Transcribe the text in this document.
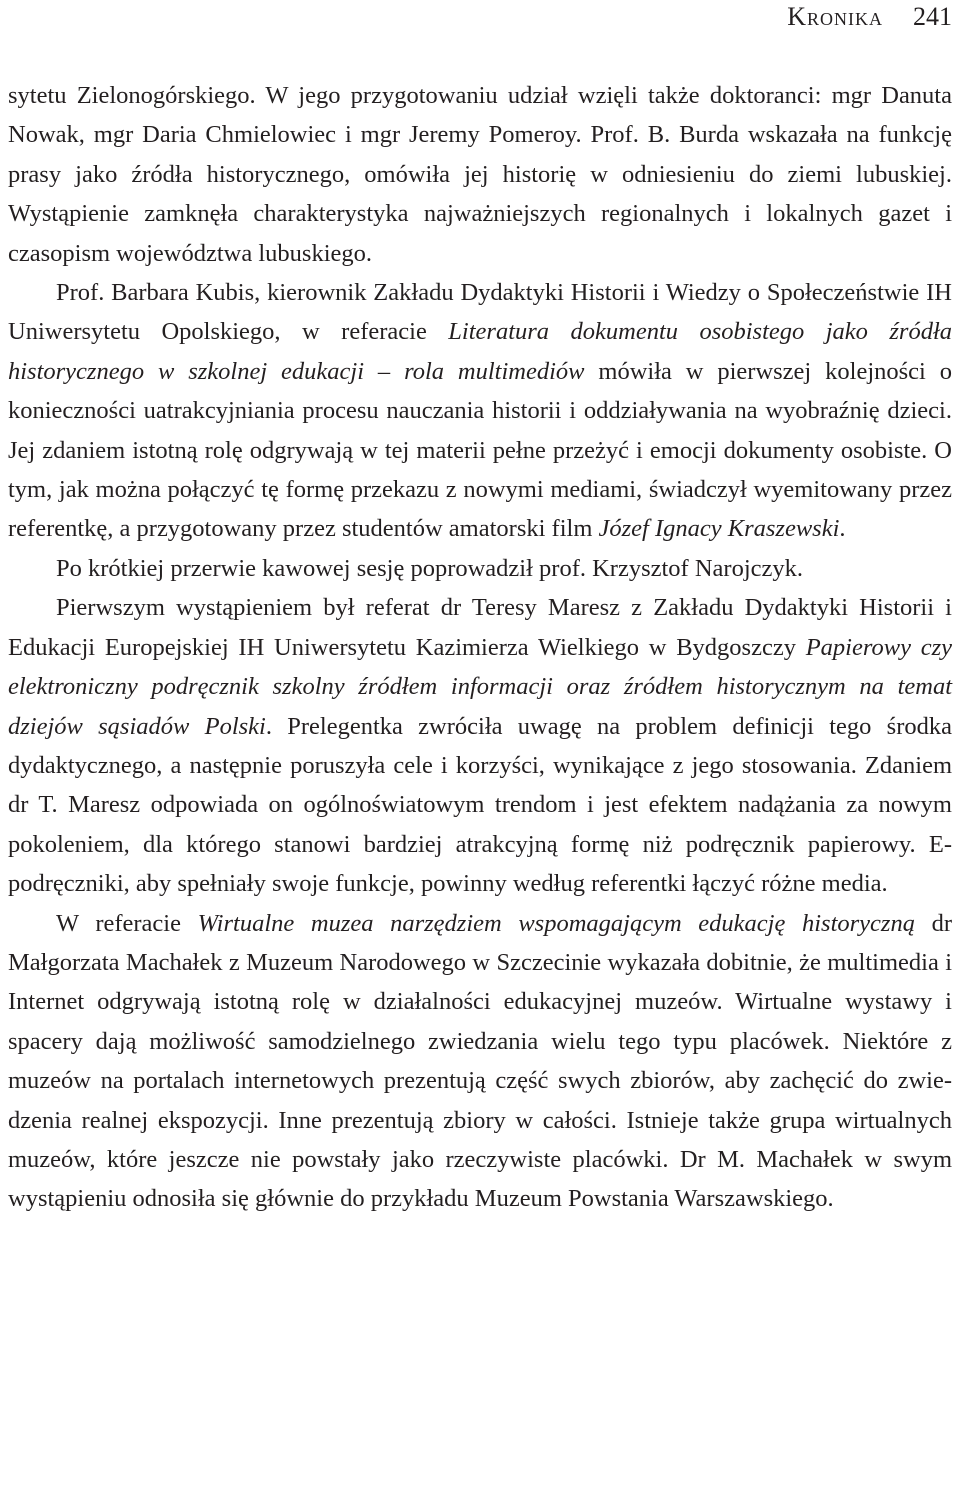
Kronika 241

sytetu Zielonogórskiego. W jego przygotowaniu udział wzięli także doktoranci: mgr Danuta Nowak, mgr Daria Chmielowiec i mgr Jeremy Pomeroy. Prof. B. Burda wskazała na funkcję prasy jako źródła historycznego, omówiła jej historię w odniesieniu do ziemi lubuskiej. Wystąpienie zamknęła charakterystyka najważniejszych regionalnych i lokalnych gazet i czasopism województwa lubuskiego.

Prof. Barbara Kubis, kierownik Zakładu Dydaktyki Historii i Wiedzy o Społeczeństwie IH Uniwersytetu Opolskiego, w referacie Literatura dokumentu osobistego jako źródła historycznego w szkolnej edukacji – rola multimediów mówiła w pierwszej kolejności o konieczności uatrakcyjniania procesu nauczania historii i oddziaływania na wyobraźnię dzieci. Jej zdaniem istotną rolę odgrywają w tej materii pełne przeżyć i emocji dokumenty osobiste. O tym, jak można połączyć tę formę przekazu z nowymi mediami, świadczył wyemitowany przez referentkę, a przygotowany przez studentów amatorski film Józef Ignacy Kraszewski.

Po krótkiej przerwie kawowej sesję poprowadził prof. Krzysztof Narojczyk.

Pierwszym wystąpieniem był referat dr Teresy Maresz z Zakładu Dydaktyki Historii i Edukacji Europejskiej IH Uniwersytetu Kazimierza Wielkiego w Bydgoszczy Papierowy czy elektroniczny podręcznik szkolny źródłem informacji oraz źródłem historycznym na temat dziejów sąsiadów Polski. Prelegentka zwróciła uwagę na problem definicji tego środka dydaktycznego, a następnie poruszyła cele i korzyści, wynikające z jego stosowania. Zdaniem dr T. Maresz odpowiada on ogólnoświatowym trendom i jest efektem nadążania za nowym pokoleniem, dla którego stanowi bardziej atrakcyjną formę niż podręcznik papierowy. E-podręczniki, aby spełniały swoje funkcje, powinny według referentki łączyć różne media.

W referacie Wirtualne muzea narzędziem wspomagającym edukację historyczną dr Małgorzata Machałek z Muzeum Narodowego w Szczecinie wykazała dobitnie, że multimedia i Internet odgrywają istotną rolę w działalności edukacyjnej muzeów. Wirtualne wystawy i spacery dają możliwość samodzielnego zwiedzania wielu tego typu placówek. Niektóre z muzeów na portalach internetowych prezentują część swych zbiorów, aby zachęcić do zwiedzenia realnej ekspozycji. Inne prezentują zbiory w całości. Istnieje także grupa wirtualnych muzeów, które jeszcze nie powstały jako rzeczywiste placówki. Dr M. Machałek w swym wystąpieniu odnosiła się głównie do przykładu Muzeum Powstania Warszawskiego.
